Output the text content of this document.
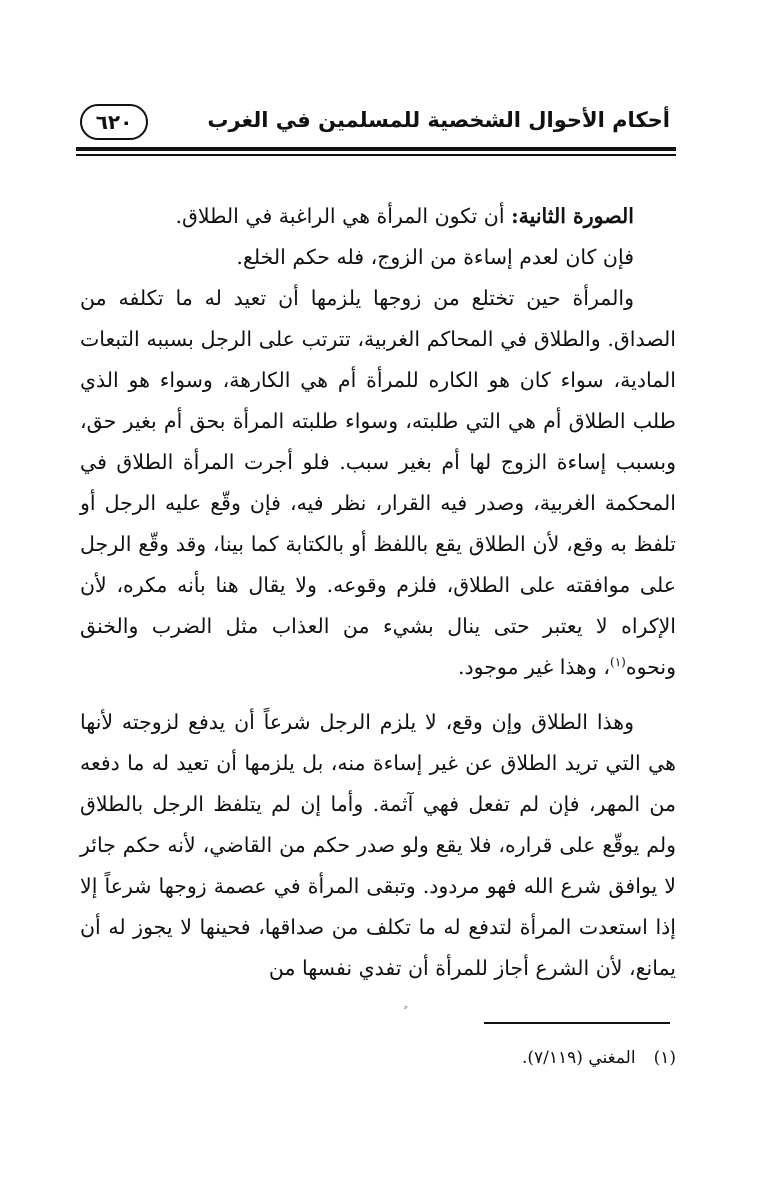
أحكام الأحوال الشخصية للمسلمين في الغرب
٦٢٠

الصورة الثانية: أن تكون المرأة هي الراغبة في الطلاق.

فإن كان لعدم إساءة من الزوج، فله حكم الخلع.

والمرأة حين تختلع من زوجها يلزمها أن تعيد له ما تكلفه من الصداق. والطلاق في المحاكم الغربية، تترتب على الرجل بسببه التبعات المادية، سواء كان هو الكاره للمرأة أم هي الكارهة، وسواء هو الذي طلب الطلاق أم هي التي طلبته، وسواء طلبته المرأة بحق أم بغير حق، وبسبب إساءة الزوج لها أم بغير سبب. فلو أجرت المرأة الطلاق في المحكمة الغربية، وصدر فيه القرار، نظر فيه، فإن وقّع عليه الرجل أو تلفظ به وقع، لأن الطلاق يقع باللفظ أو بالكتابة كما بينا، وقد وقّع الرجل على موافقته على الطلاق، فلزم وقوعه. ولا يقال هنا بأنه مكره، لأن الإكراه لا يعتبر حتى ينال بشيء من العذاب مثل الضرب والخنق ونحوه$^{(١)}$، وهذا غير موجود.

وهذا الطلاق وإن وقع، لا يلزم الرجل شرعاً أن يدفع لزوجته لأنها هي التي تريد الطلاق عن غير إساءة منه، بل يلزمها أن تعيد له ما دفعه من المهر، فإن لم تفعل فهي آثمة. وأما إن لم يتلفظ الرجل بالطلاق ولم يوقّع على قراره، فلا يقع ولو صدر حكم من القاضي، لأنه حكم جائر لا يوافق شرع الله فهو مردود. وتبقى المرأة في عصمة زوجها شرعاً إلا إذا استعدت المرأة لتدفع له ما تكلف من صداقها، فحينها لا يجوز له أن يمانع، لأن الشرع أجاز للمرأة أن تفدي نفسها من

⸗
(١)المغني (٧/١١٩).
